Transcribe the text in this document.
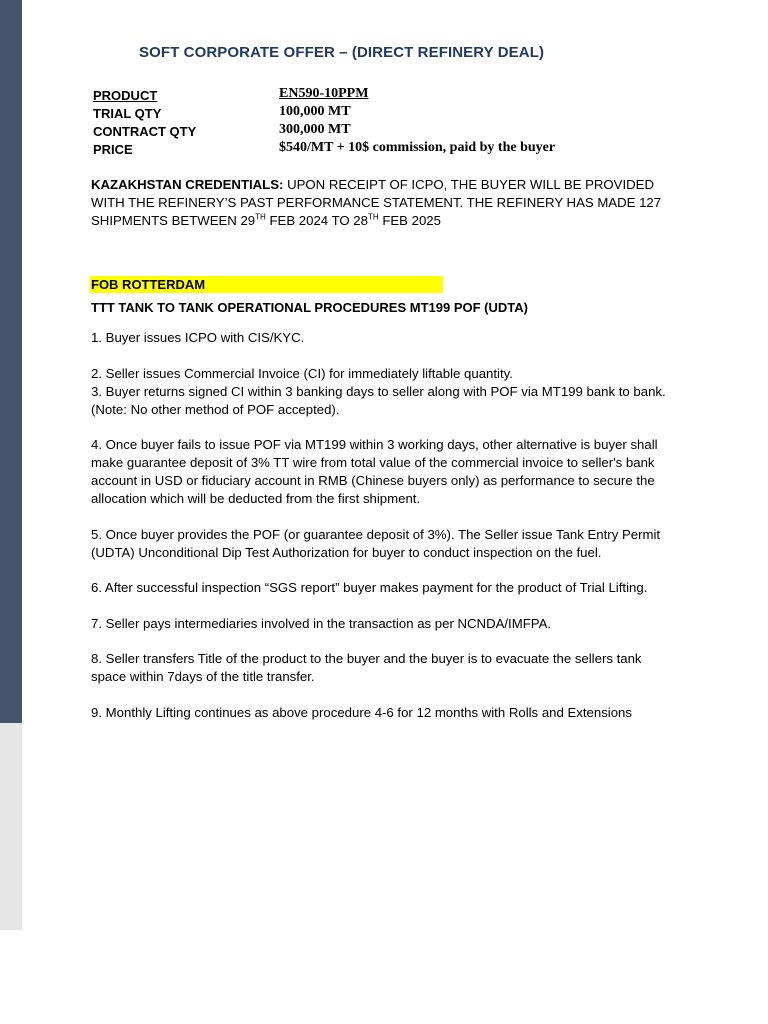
SOFT CORPORATE OFFER – (DIRECT REFINERY DEAL)
PRODUCT	EN590-10PPM
TRIAL QTY	100,000 MT
CONTRACT QTY	300,000 MT
PRICE	$540/MT + 10$ commission, paid by the buyer
KAZAKHSTAN CREDENTIALS: UPON RECEIPT OF ICPO, THE BUYER WILL BE PROVIDED WITH THE REFINERY’S PAST PERFORMANCE STATEMENT. THE REFINERY HAS MADE 127 SHIPMENTS BETWEEN 29TH FEB 2024 TO 28TH FEB 2025
FOB ROTTERDAM
TTT TANK TO TANK OPERATIONAL PROCEDURES MT199 POF (UDTA)

1. Buyer issues ICPO with CIS/KYC.

2. Seller issues Commercial Invoice (CI) for immediately liftable quantity.

3. Buyer returns signed CI within 3 banking days to seller along with POF via MT199 bank to bank. (Note: No other method of POF accepted).

4. Once buyer fails to issue POF via MT199 within 3 working days, other alternative is buyer shall make guarantee deposit of 3% TT wire from total value of the commercial invoice to seller's bank account in USD or fiduciary account in RMB (Chinese buyers only) as performance to secure the allocation which will be deducted from the first shipment.

5. Once buyer provides the POF (or guarantee deposit of 3%). The Seller issue Tank Entry Permit (UDTA) Unconditional Dip Test Authorization for buyer to conduct inspection on the fuel.

6. After successful inspection “SGS report” buyer makes payment for the product of Trial Lifting.

7. Seller pays intermediaries involved in the transaction as per NCNDA/IMFPA.

8. Seller transfers Title of the product to the buyer and the buyer is to evacuate the sellers tank space within 7days of the title transfer.

9. Monthly Lifting continues as above procedure 4-6 for 12 months with Rolls and Extensions
